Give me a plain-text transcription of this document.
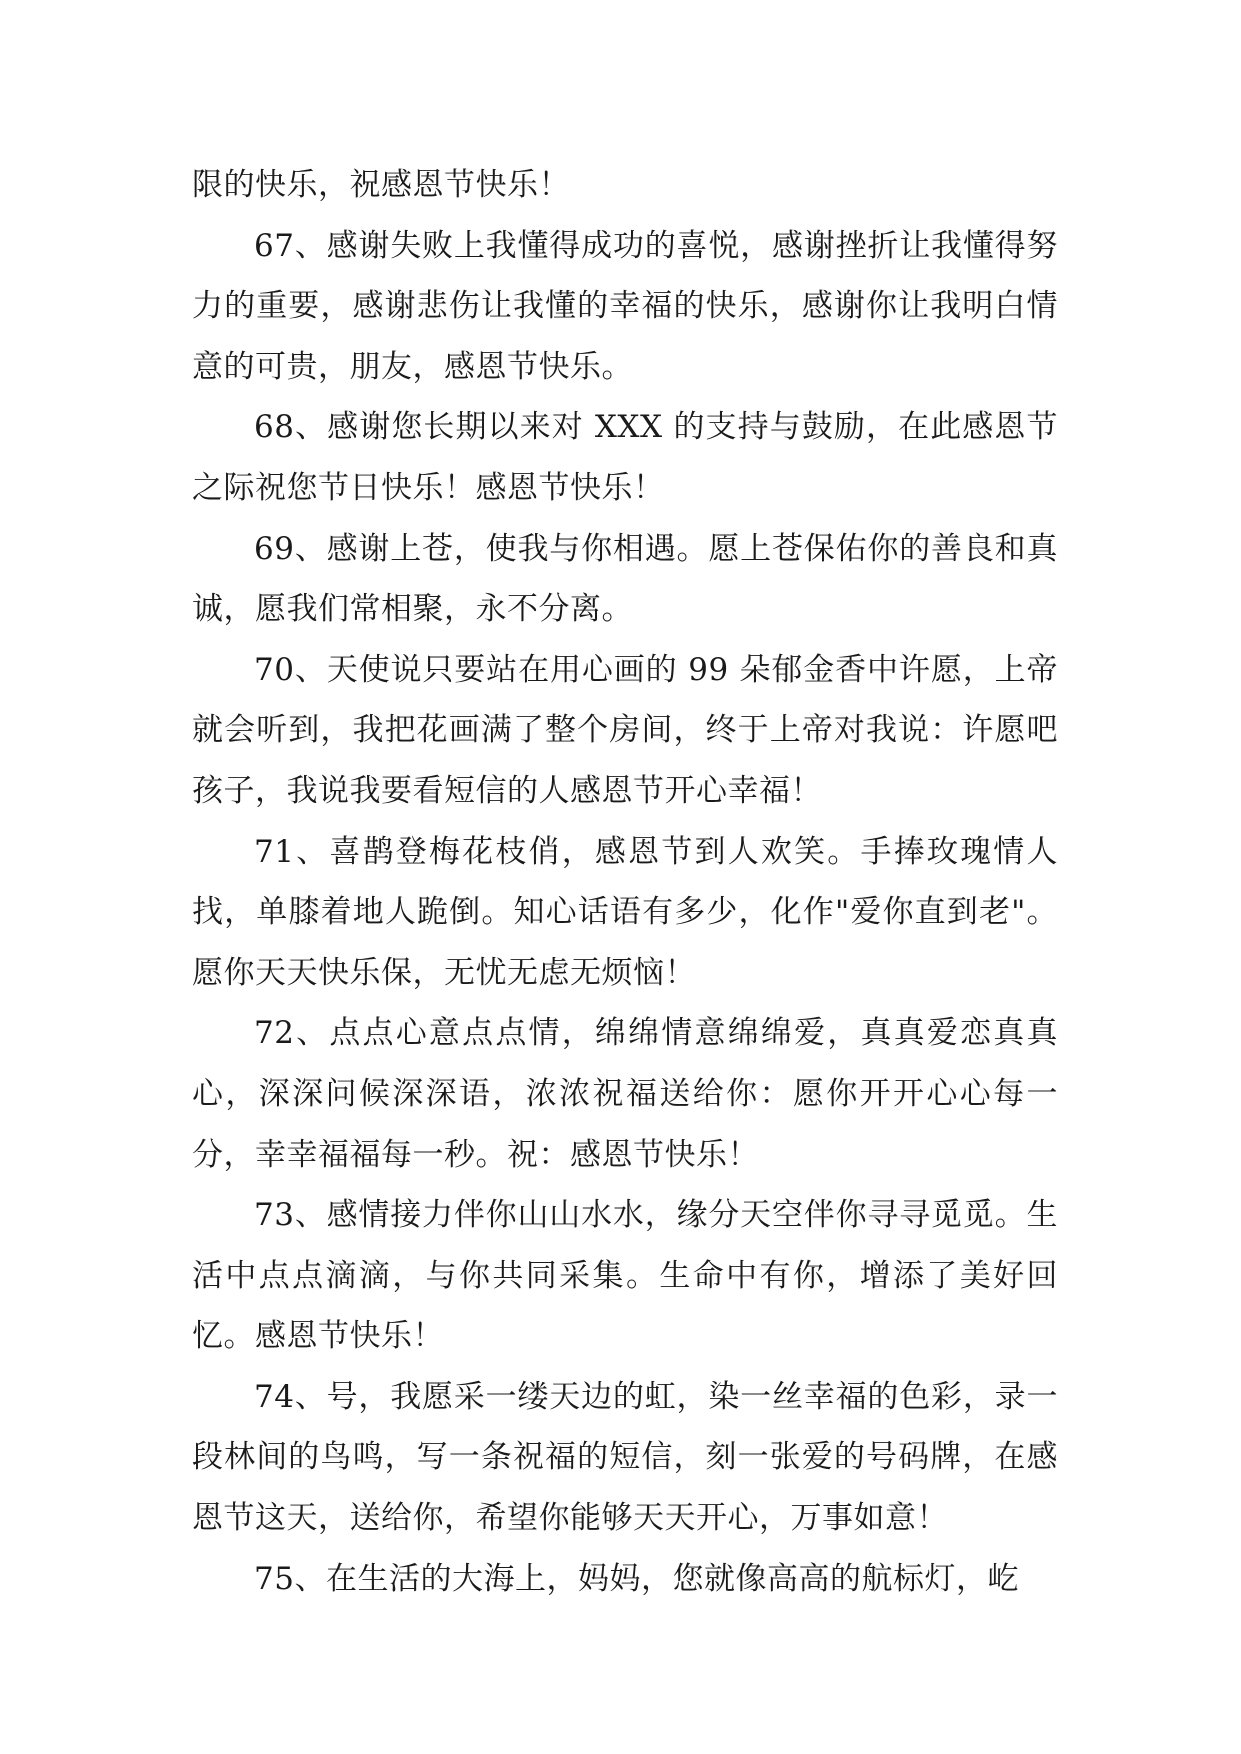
限的快乐，祝感恩节快乐！

67、感谢失败上我懂得成功的喜悦，感谢挫折让我懂得努力的重要，感谢悲伤让我懂的幸福的快乐，感谢你让我明白情意的可贵，朋友，感恩节快乐。

68、感谢您长期以来对 XXX 的支持与鼓励，在此感恩节之际祝您节日快乐！感恩节快乐！

69、感谢上苍，使我与你相遇。愿上苍保佑你的善良和真诚，愿我们常相聚，永不分离。

70、天使说只要站在用心画的 99 朵郁金香中许愿，上帝就会听到，我把花画满了整个房间，终于上帝对我说：许愿吧孩子，我说我要看短信的人感恩节开心幸福！

71、喜鹊登梅花枝俏，感恩节到人欢笑。手捧玫瑰情人找，单膝着地人跪倒。知心话语有多少，化作"爱你直到老"。愿你天天快乐保，无忧无虑无烦恼！

72、点点心意点点情，绵绵情意绵绵爱，真真爱恋真真心，深深问候深深语，浓浓祝福送给你：愿你开开心心每一分，幸幸福福每一秒。祝：感恩节快乐！

73、感情接力伴你山山水水，缘分天空伴你寻寻觅觅。生活中点点滴滴，与你共同采集。生命中有你，增添了美好回忆。感恩节快乐！

74、号，我愿采一缕天边的虹，染一丝幸福的色彩，录一段林间的鸟鸣，写一条祝福的短信，刻一张爱的号码牌，在感恩节这天，送给你，希望你能够天天开心，万事如意！

75、在生活的大海上，妈妈，您就像高高的航标灯，屹
